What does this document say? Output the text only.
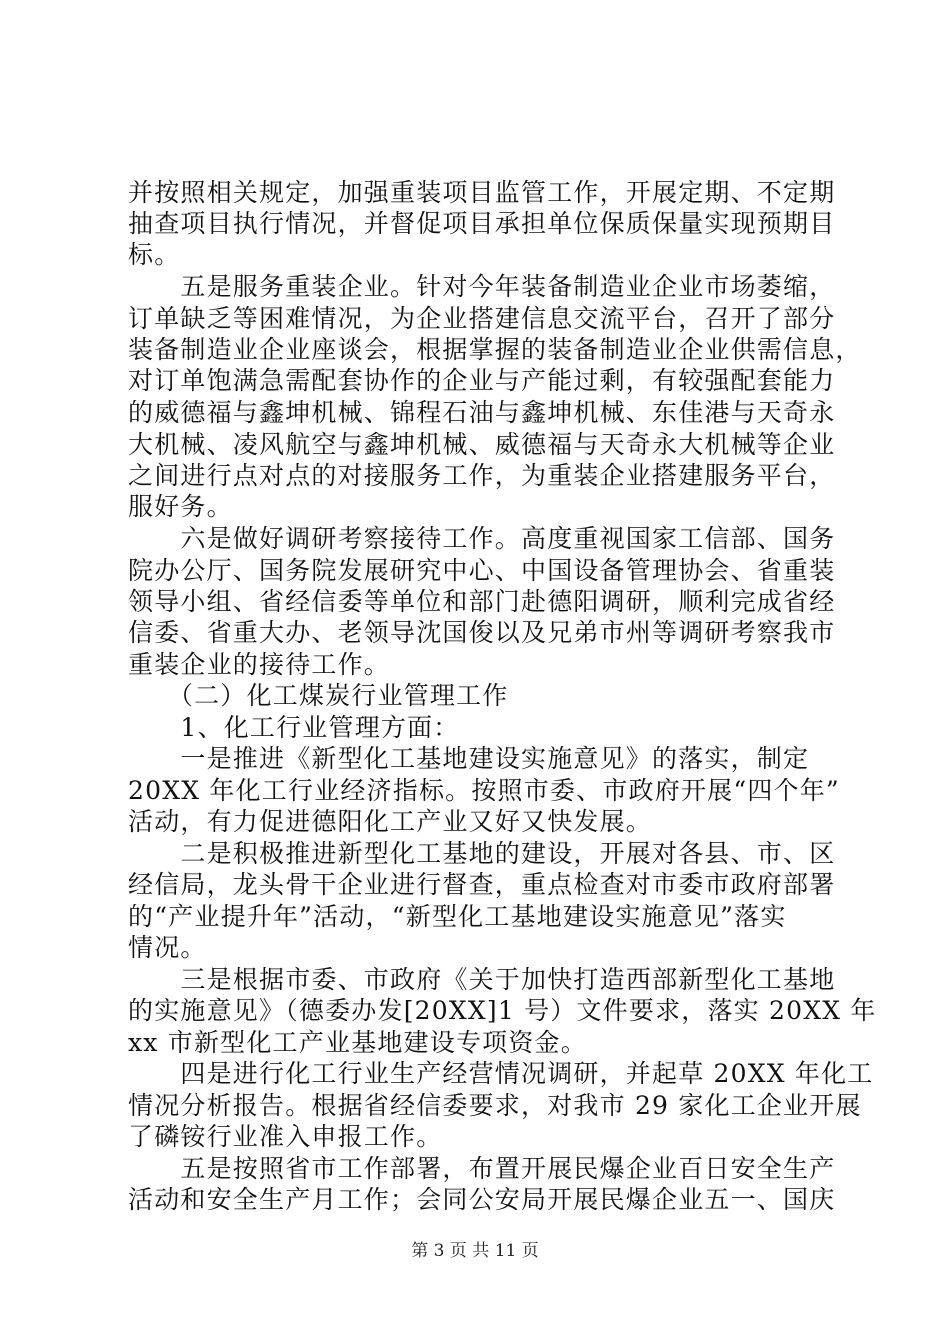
并按照相关规定，加强重装项目监管工作，开展定期、不定期
抽查项目执行情况，并督促项目承担单位保质保量实现预期目
标。
　　五是服务重装企业。针对今年装备制造业企业市场萎缩，
订单缺乏等困难情况，为企业搭建信息交流平台，召开了部分
装备制造业企业座谈会，根据掌握的装备制造业企业供需信息，
对订单饱满急需配套协作的企业与产能过剩，有较强配套能力
的威德福与鑫坤机械、锦程石油与鑫坤机械、东佳港与天奇永
大机械、凌风航空与鑫坤机械、威德福与天奇永大机械等企业
之间进行点对点的对接服务工作，为重装企业搭建服务平台，
服好务。
　　六是做好调研考察接待工作。高度重视国家工信部、国务
院办公厅、国务院发展研究中心、中国设备管理协会、省重装
领导小组、省经信委等单位和部门赴德阳调研，顺利完成省经
信委、省重大办、老领导沈国俊以及兄弟市州等调研考察我市
重装企业的接待工作。
　　（二）化工煤炭行业管理工作
　　1、化工行业管理方面：
　　一是推进《新型化工基地建设实施意见》的落实，制定
20XX 年化工行业经济指标。按照市委、市政府开展“四个年”
活动，有力促进德阳化工产业又好又快发展。
　　二是积极推进新型化工基地的建设，开展对各县、市、区
经信局，龙头骨干企业进行督查，重点检查对市委市政府部署
的“产业提升年”活动，“新型化工基地建设实施意见”落实
情况。
　　三是根据市委、市政府《关于加快打造西部新型化工基地
的实施意见》（德委办发[20XX]1 号）文件要求，落实 20XX 年
xx 市新型化工产业基地建设专项资金。
　　四是进行化工行业生产经营情况调研，并起草 20XX 年化工
情况分析报告。根据省经信委要求，对我市 29 家化工企业开展
了磷铵行业准入申报工作。
　　五是按照省市工作部署，布置开展民爆企业百日安全生产
活动和安全生产月工作；会同公安局开展民爆企业五一、国庆
第 3 页 共 11 页
